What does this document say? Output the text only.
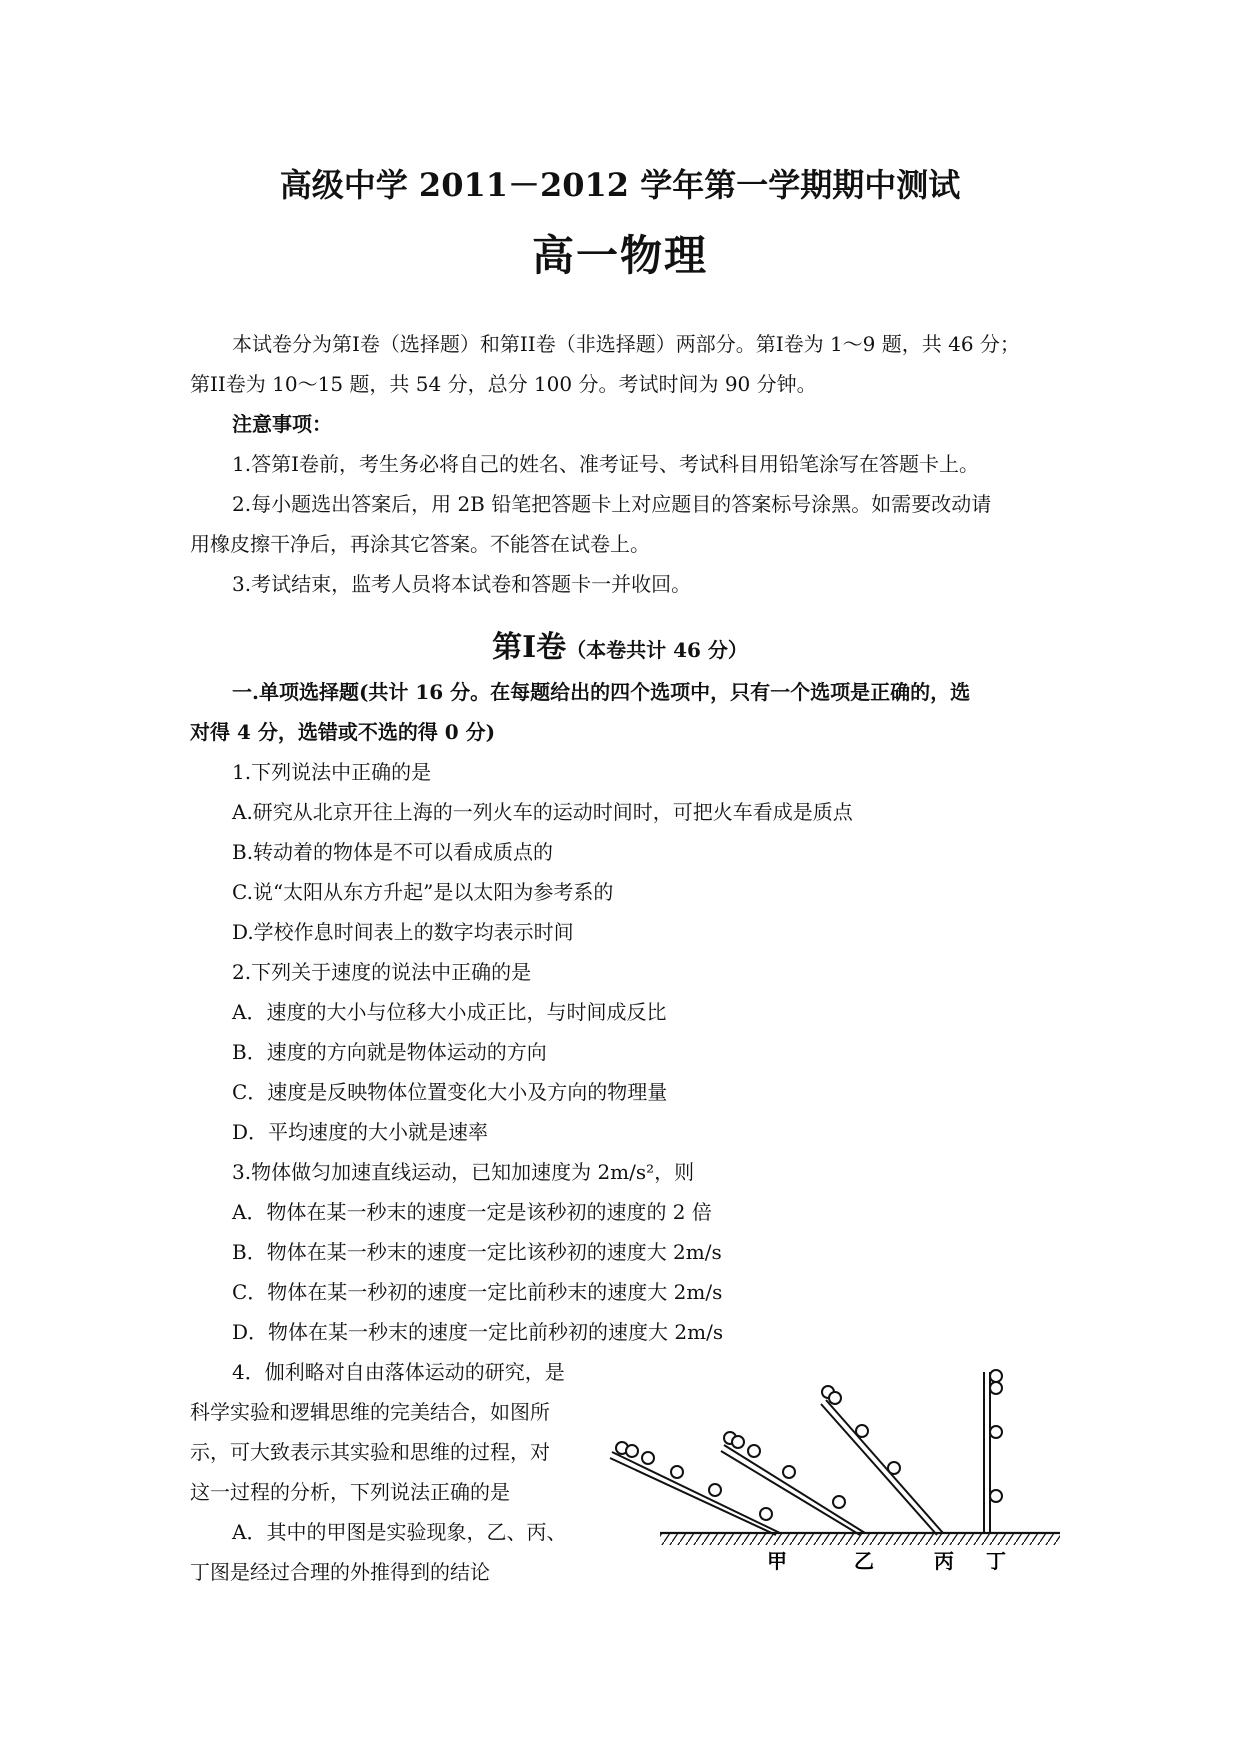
高级中学 2011－2012 学年第一学期期中测试
高一物理
本试卷分为第I卷（选择题）和第II卷（非选择题）两部分。第I卷为 1～9 题，共 46 分；
第II卷为 10～15 题，共 54 分，总分 100 分。考试时间为 90 分钟。
注意事项：
1.答第I卷前，考生务必将自己的姓名、准考证号、考试科目用铅笔涂写在答题卡上。
2.每小题选出答案后，用 2B 铅笔把答题卡上对应题目的答案标号涂黑。如需要改动请
用橡皮擦干净后，再涂其它答案。不能答在试卷上。
3.考试结束，监考人员将本试卷和答题卡一并收回。
第I卷（本卷共计 46 分）
一.单项选择题(共计 16 分。在每题给出的四个选项中，只有一个选项是正确的，选
对得 4 分，选错或不选的得 0 分)
1.下列说法中正确的是
A.研究从北京开往上海的一列火车的运动时间时，可把火车看成是质点
B.转动着的物体是不可以看成质点的
C.说“太阳从东方升起”是以太阳为参考系的
D.学校作息时间表上的数字均表示时间
2.下列关于速度的说法中正确的是
A．速度的大小与位移大小成正比，与时间成反比
B．速度的方向就是物体运动的方向
C．速度是反映物体位置变化大小及方向的物理量
D．平均速度的大小就是速率
3.物体做匀加速直线运动，已知加速度为 2m/s²，则
A．物体在某一秒末的速度一定是该秒初的速度的 2 倍
B．物体在某一秒末的速度一定比该秒初的速度大 2m/s
C．物体在某一秒初的速度一定比前秒末的速度大 2m/s
D．物体在某一秒末的速度一定比前秒初的速度大 2m/s
4．伽利略对自由落体运动的研究，是
科学实验和逻辑思维的完美结合，如图所
示，可大致表示其实验和思维的过程，对
这一过程的分析，下列说法正确的是
A．其中的甲图是实验现象，乙、丙、
丁图是经过合理的外推得到的结论	甲	乙	丙 丁
